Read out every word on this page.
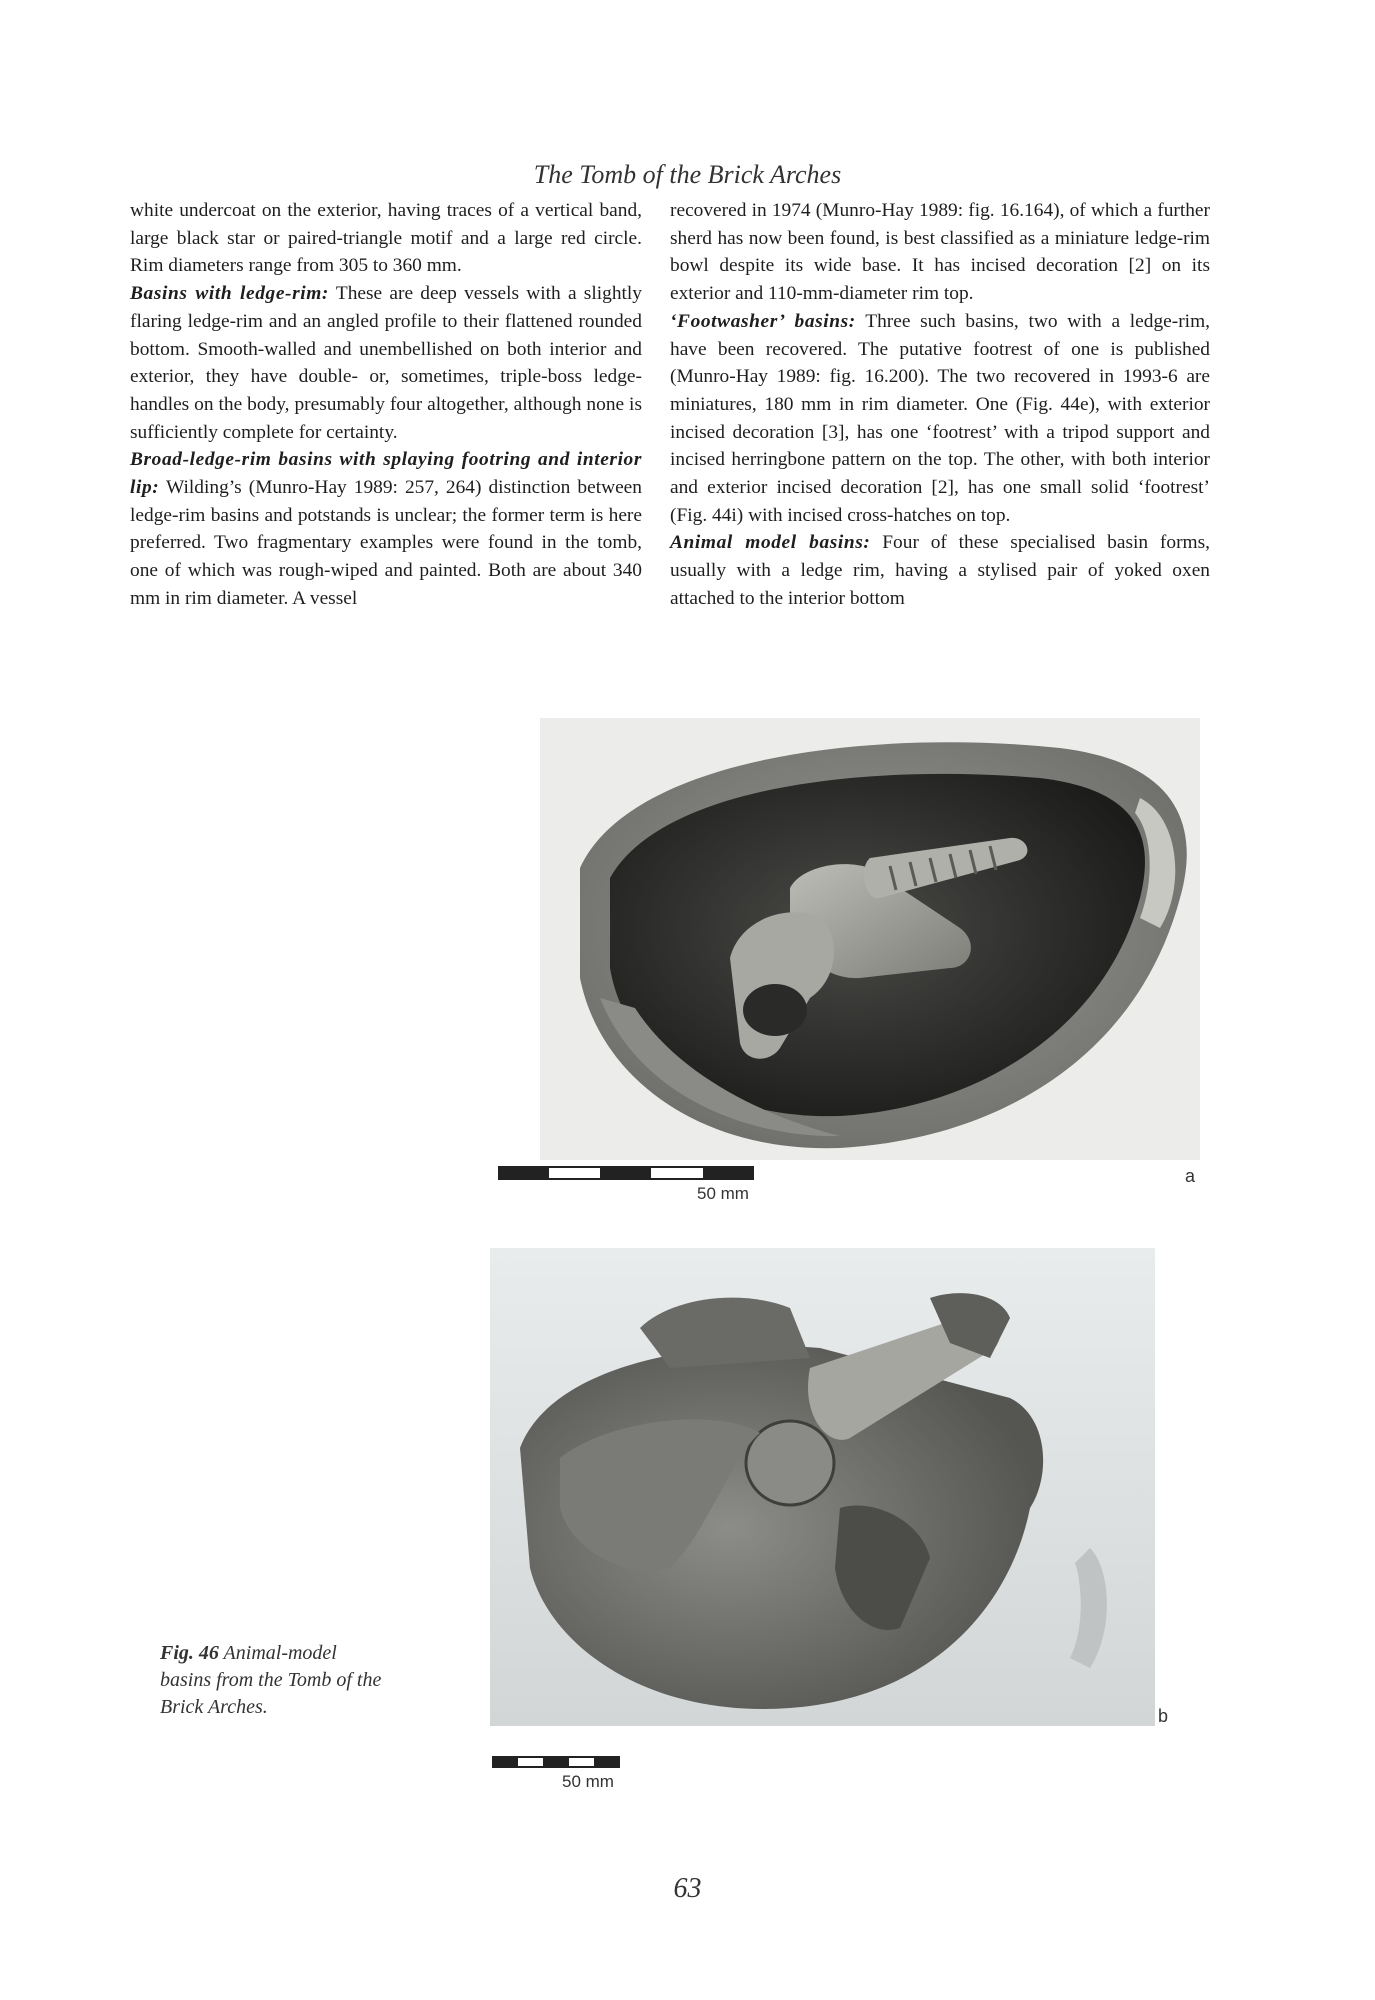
The Tomb of the Brick Arches

white undercoat on the exterior, having traces of a vertical band, large black star or paired-triangle motif and a large red circle. Rim diameters range from 305 to 360 mm.

Basins with ledge-rim: These are deep vessels with a slightly flaring ledge-rim and an angled profile to their flattened rounded bottom. Smooth-walled and unembellished on both interior and exterior, they have double- or, sometimes, triple-boss ledge-handles on the body, presumably four altogether, although none is sufficiently complete for certainty.

Broad-ledge-rim basins with splaying footring and interior lip: Wilding’s (Munro-Hay 1989: 257, 264) distinction between ledge-rim basins and potstands is unclear; the former term is here preferred. Two fragmentary examples were found in the tomb, one of which was rough-wiped and painted. Both are about 340 mm in rim diameter. A vessel

recovered in 1974 (Munro-Hay 1989: fig. 16.164), of which a further sherd has now been found, is best classified as a miniature ledge-rim bowl despite its wide base. It has incised decoration [2] on its exterior and 110-mm-diameter rim top.

‘Footwasher’ basins: Three such basins, two with a ledge-rim, have been recovered. The putative footrest of one is published (Munro-Hay 1989: fig. 16.200). The two recovered in 1993-6 are miniatures, 180 mm in rim diameter. One (Fig. 44e), with exterior incised decoration [3], has one ‘footrest’ with a tripod support and incised herringbone pattern on the top. The other, with both interior and exterior incised decoration [2], has one small solid ‘footrest’ (Fig. 44i) with incised cross-hatches on top.

Animal model basins: Four of these specialised basin forms, usually with a ledge rim, having a stylised pair of yoked oxen attached to the interior bottom

50 mm
a
50 mm
b
Fig. 46 Animal-model basins from the Tomb of the Brick Arches.
63
